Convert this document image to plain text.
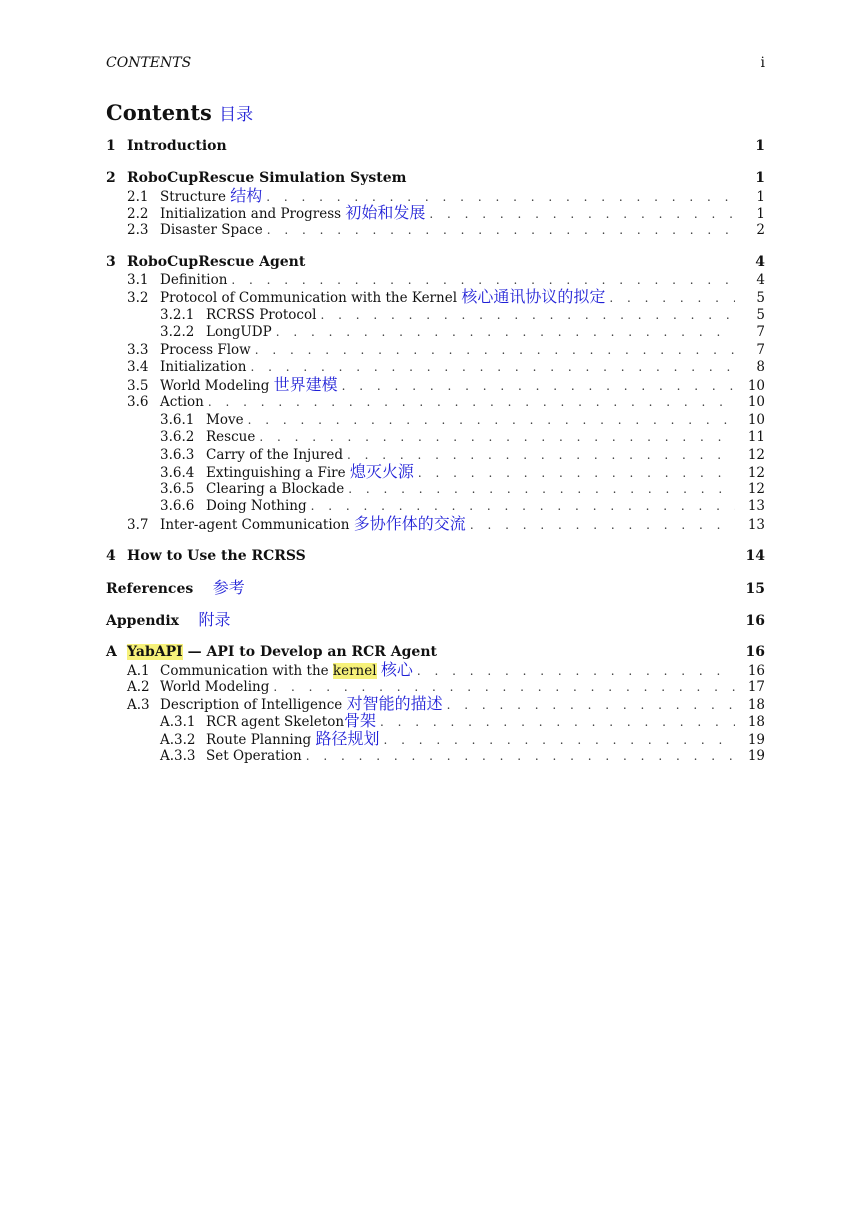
CONTENTS	i
Contents 目录
1 Introduction	1
2 RoboCupRescue Simulation System	1
2.1 Structure 结构 . . .	1
2.2 Initialization and Progress 初始和发展 . . .	1
2.3 Disaster Space . . .	2
3 RoboCupRescue Agent	4
3.1 Definition . . .	4
3.2 Protocol of Communication with the Kernel 核心通讯协议的拟定 . . .	5
3.2.1 RCRSS Protocol . . .	5
3.2.2 LongUDP . . .	7
3.3 Process Flow . . .	7
3.4 Initialization . . .	8
3.5 World Modeling 世界建模 . . .	10
3.6 Action . . .	10
3.6.1 Move . . .	10
3.6.2 Rescue . . .	11
3.6.3 Carry of the Injured . . .	12
3.6.4 Extinguishing a Fire 熄灭火源 . . .	12
3.6.5 Clearing a Blockade . . .	12
3.6.6 Doing Nothing . . .	13
3.7 Inter-agent Communication 多协作体的交流 . . .	13
4 How to Use the RCRSS	14
References 参考	15
Appendix 附录	16
A YabAPI — API to Develop an RCR Agent	16
A.1 Communication with the kernel 核心 . . .	16
A.2 World Modeling . . .	17
A.3 Description of Intelligence 对智能的描述 . . .	18
A.3.1 RCR agent Skeleton骨架 . . .	18
A.3.2 Route Planning 路径规划 . . .	19
A.3.3 Set Operation . . .	19
